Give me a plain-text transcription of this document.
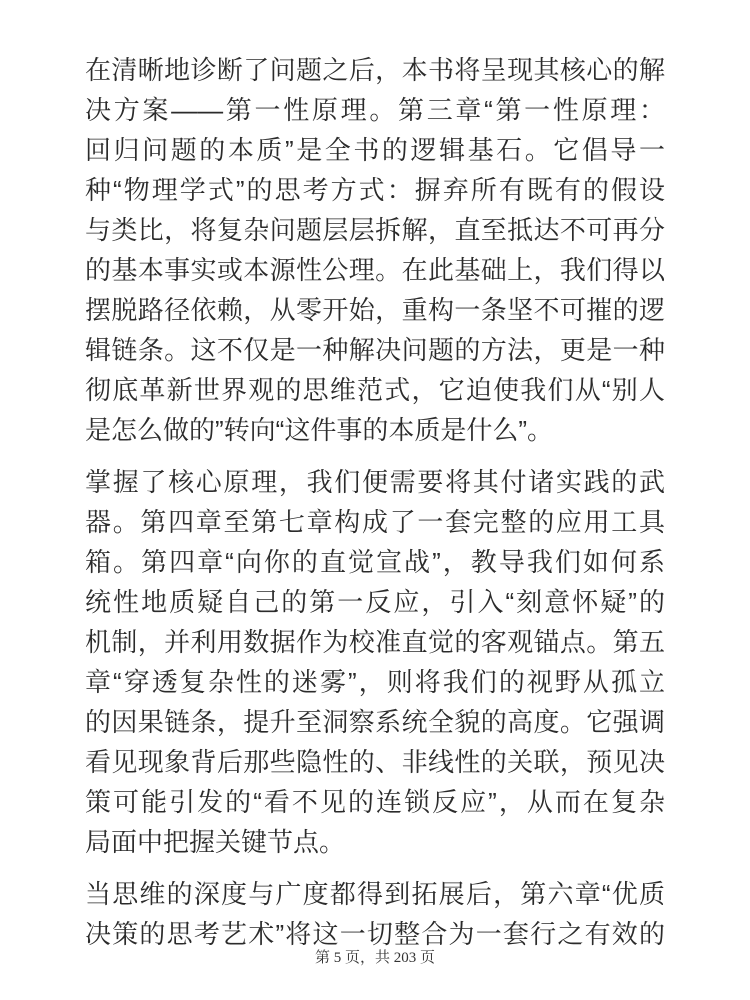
在清晰地诊断了问题之后，本书将呈现其核心的解
决方案——第一性原理。第三章“第一性原理：
回归问题的本质”是全书的逻辑基石。它倡导一
种“物理学式”的思考方式：摒弃所有既有的假设
与类比，将复杂问题层层拆解，直至抵达不可再分
的基本事实或本源性公理。在此基础上，我们得以
摆脱路径依赖，从零开始，重构一条坚不可摧的逻
辑链条。这不仅是一种解决问题的方法，更是一种
彻底革新世界观的思维范式，它迫使我们从“别人
是怎么做的”转向“这件事的本质是什么”。
掌握了核心原理，我们便需要将其付诸实践的武
器。第四章至第七章构成了一套完整的应用工具
箱。第四章“向你的直觉宣战”，教导我们如何系
统性地质疑自己的第一反应，引入“刻意怀疑”的
机制，并利用数据作为校准直觉的客观锚点。第五
章“穿透复杂性的迷雾”，则将我们的视野从孤立
的因果链条，提升至洞察系统全貌的高度。它强调
看见现象背后那些隐性的、非线性的关联，预见决
策可能引发的“看不见的连锁反应”，从而在复杂
局面中把握关键节点。
当思维的深度与广度都得到拓展后，第六章“优质
决策的思考艺术”将这一切整合为一套行之有效的
第 5 页，共 203 页
